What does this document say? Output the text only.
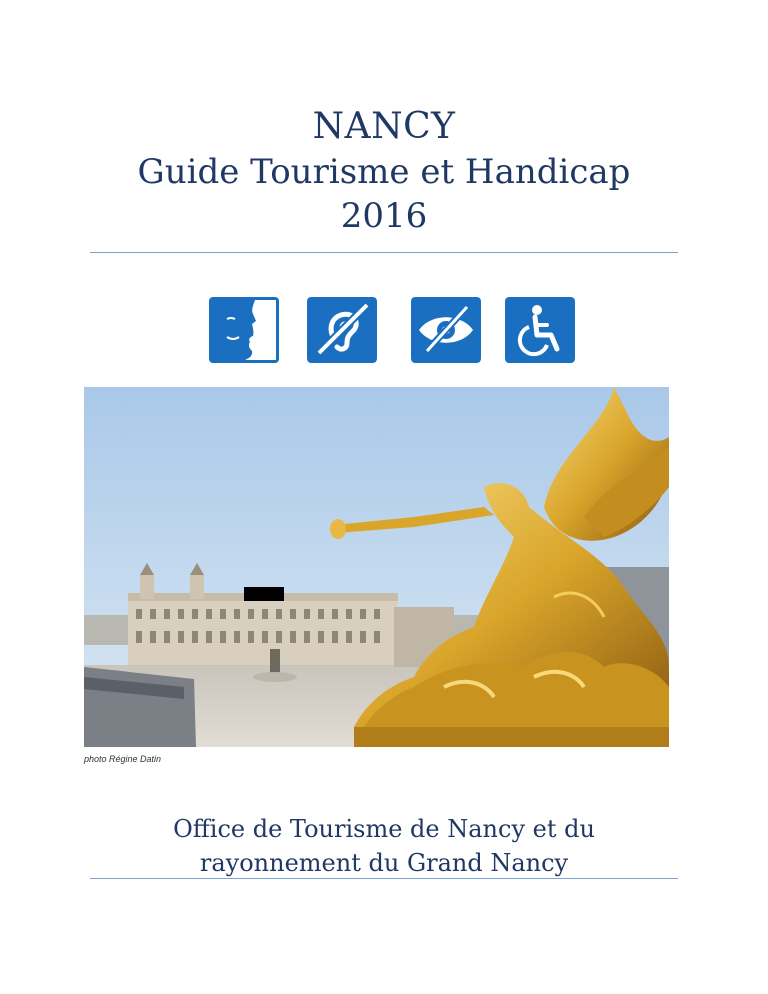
NANCY
Guide Tourisme et Handicap
2016
photo Régine Datin
Office de Tourisme de Nancy et du
rayonnement du Grand Nancy
